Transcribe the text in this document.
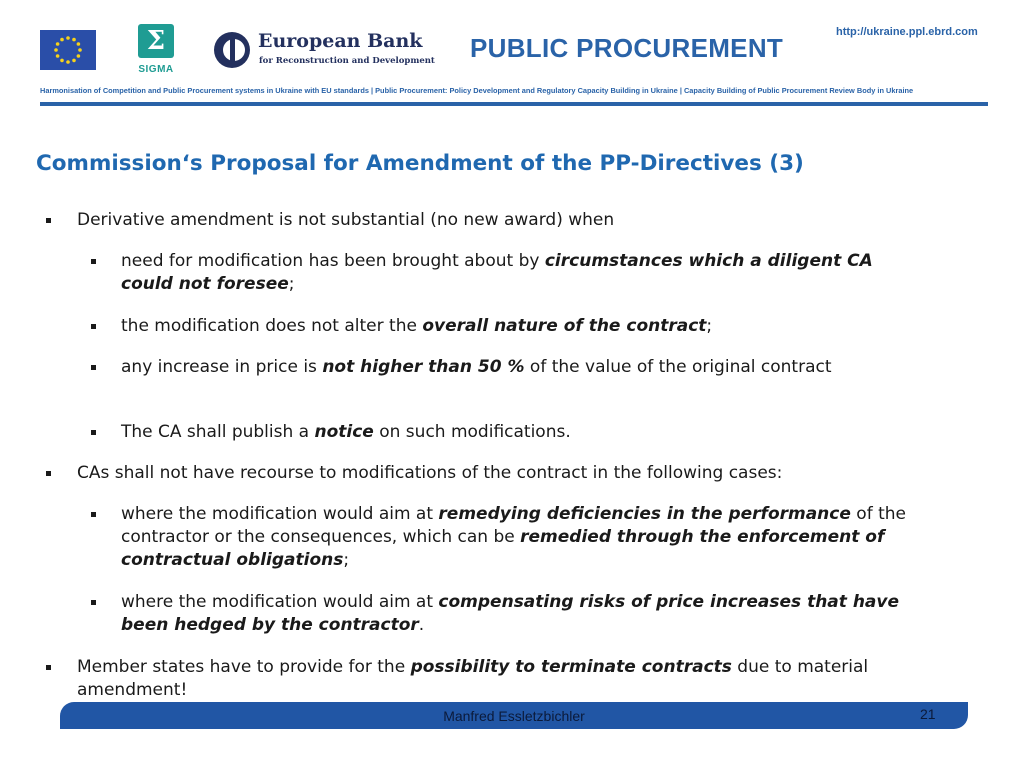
Σ
SIGMA
European Bank
for Reconstruction and Development PUBLIC PROCUREMENT
http://ukraine.ppl.ebrd.com
Harmonisation of Competition and Public Procurement systems in Ukraine with EU standards | Public Procurement: Policy Development and Regulatory Capacity Building in Ukraine | Capacity Building of Public Procurement Review Body in Ukraine
Commission‘s Proposal for Amendment of the PP-Directives (3)
Derivative amendment is not substantial (no new award) when
need for modification has been brought about by circumstances which a diligent CA could not foresee;
the modification does not alter the overall nature of the contract;
any increase in price is not higher than 50 % of the value of the original contract
The CA shall publish a notice on such modifications.
CAs shall not have recourse to modifications of the contract in the following cases:
where the modification would aim at remedying deficiencies in the performance of the contractor or the consequences, which can be remedied through the enforcement of contractual obligations;
where the modification would aim at compensating risks of price increases that have been hedged by the contractor.
Member states have to provide for the possibility to terminate contracts due to material amendment!
Manfred Essletzbichler	21
